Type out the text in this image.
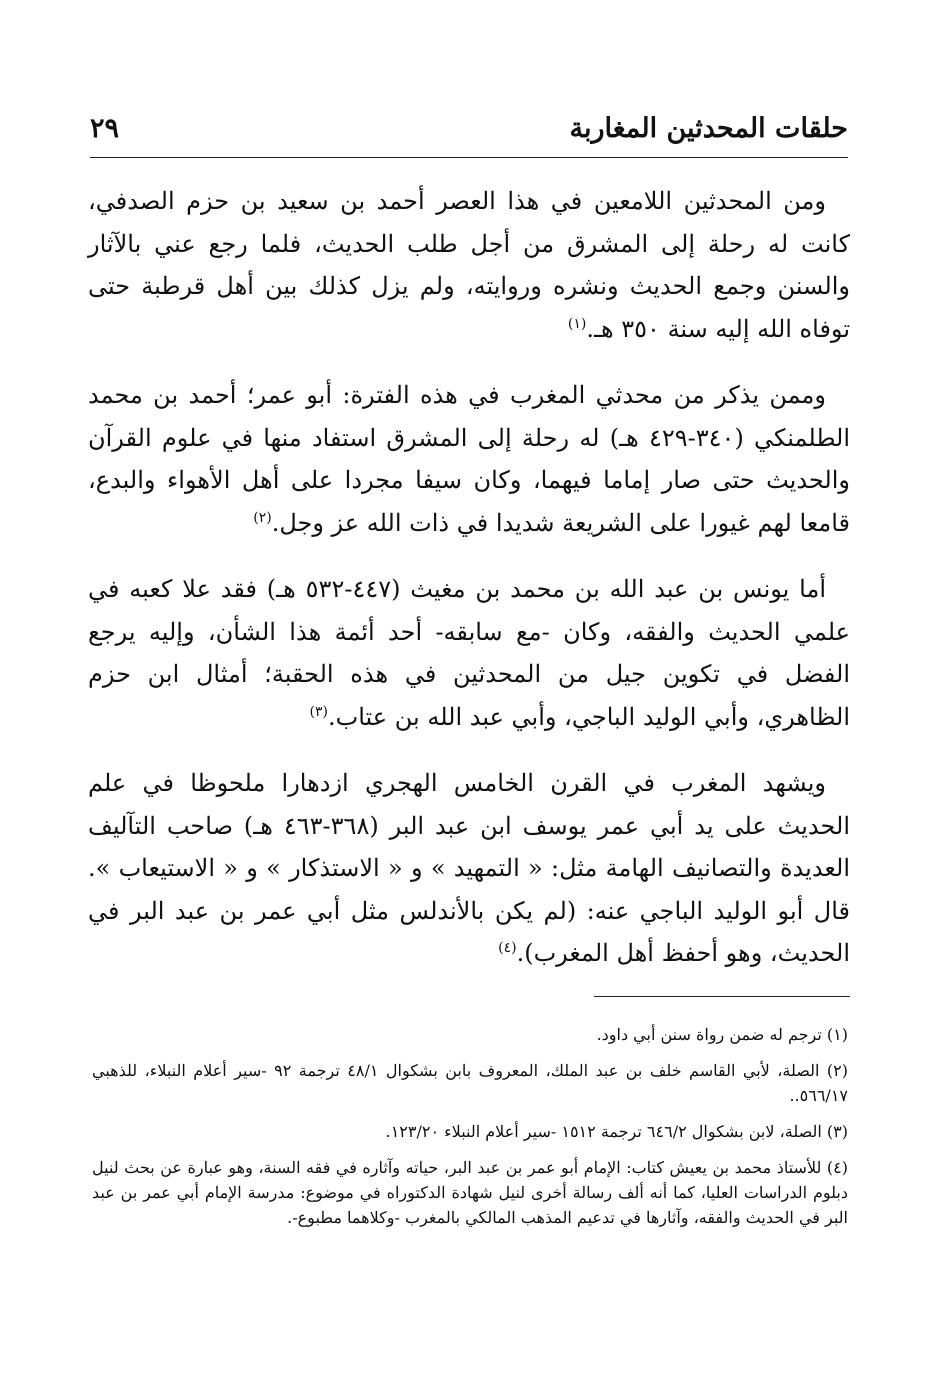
حلقات المحدثين المغاربة
٢٩

ومن المحدثين اللامعين في هذا العصر أحمد بن سعيد بن حزم الصدفي، كانت له رحلة إلى المشرق من أجل طلب الحديث، فلما رجع عني بالآثار والسنن وجمع الحديث ونشره وروايته، ولم يزل كذلك بين أهل قرطبة حتى توفاه الله إليه سنة ٣٥٠ هـ.$^{(١)}$

وممن يذكر من محدثي المغرب في هذه الفترة: أبو عمر؛ أحمد بن محمد الطلمنكي (٣٤٠-٤٢٩ هـ) له رحلة إلى المشرق استفاد منها في علوم القرآن والحديث حتى صار إماما فيهما، وكان سيفا مجردا على أهل الأهواء والبدع، قامعا لهم غيورا على الشريعة شديدا في ذات الله عز وجل.$^{(٢)}$

أما يونس بن عبد الله بن محمد بن مغيث (٤٤٧-٥٣٢ هـ) فقد علا كعبه في علمي الحديث والفقه، وكان -مع سابقه- أحد أئمة هذا الشأن، وإليه يرجع الفضل في تكوين جيل من المحدثين في هذه الحقبة؛ أمثال ابن حزم الظاهري، وأبي الوليد الباجي، وأبي عبد الله بن عتاب.$^{(٣)}$

ويشهد المغرب في القرن الخامس الهجري ازدهارا ملحوظا في علم الحديث على يد أبي عمر يوسف ابن عبد البر (٣٦٨-٤٦٣ هـ) صاحب التآليف العديدة والتصانيف الهامة مثل: « التمهيد » و « الاستذكار » و « الاستيعاب ». قال أبو الوليد الباجي عنه: (لم يكن بالأندلس مثل أبي عمر بن عبد البر في الحديث، وهو أحفظ أهل المغرب).$^{(٤)}$

(١) ترجم له ضمن رواة سنن أبي داود.
(٢) الصلة، لأبي القاسم خلف بن عبد الملك، المعروف بابن بشكوال ٤٨/١ ترجمة ٩٢ -سير أعلام النبلاء، للذهبي ٥٦٦/١٧..
(٣) الصلة، لابن بشكوال ٦٤٦/٢ ترجمة ١٥١٢ -سير أعلام النبلاء ١٢٣/٢٠.
(٤) للأستاذ محمد بن يعيش كتاب: الإمام أبو عمر بن عبد البر، حياته وآثاره في فقه السنة، وهو عبارة عن بحث لنيل دبلوم الدراسات العليا، كما أنه ألف رسالة أخرى لنيل شهادة الدكتوراه في موضوع: مدرسة الإمام أبي عمر بن عبد البر في الحديث والفقه، وآثارها في تدعيم المذهب المالكي بالمغرب -وكلاهما مطبوع-.
